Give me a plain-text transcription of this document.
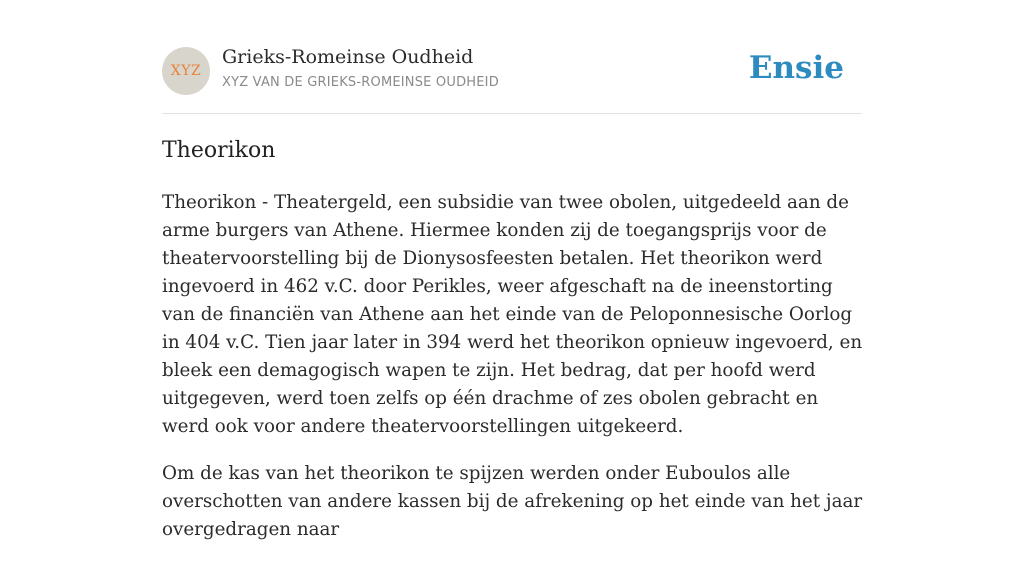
XYZ
Grieks-Romeinse Oudheid
XYZ VAN DE GRIEKS-ROMEINSE OUDHEID	Ensie
Theorikon

Theorikon - Theatergeld, een subsidie van twee obolen, uitgedeeld aan de arme burgers van Athene. Hiermee konden zij de toegangsprijs voor de theatervoorstelling bij de Dionysosfeesten betalen. Het theorikon werd ingevoerd in 462 v.C. door Perikles, weer afgeschaft na de ineenstorting van de financiën van Athene aan het einde van de Peloponnesische Oorlog in 404 v.C. Tien jaar later in 394 werd het theorikon opnieuw ingevoerd, en bleek een demagogisch wapen te zijn. Het bedrag, dat per hoofd werd uitgegeven, werd toen zelfs op één drachme of zes obolen gebracht en werd ook voor andere theatervoorstellingen uitgekeerd.

Om de kas van het theorikon te spijzen werden onder Euboulos alle overschotten van andere kassen bij de afrekening op het einde van het jaar overgedragen naar
